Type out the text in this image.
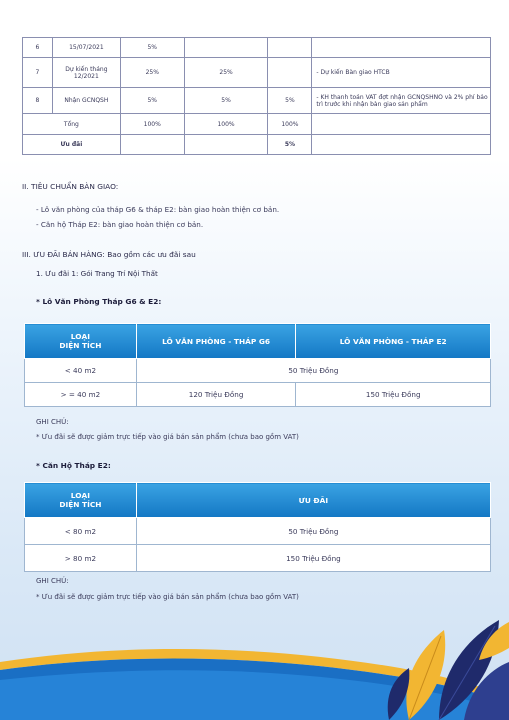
6	15/07/2021	5%			
7	Dự kiến tháng 12/2021	25%	25%		- Dự kiến Bàn giao HTCB
8	Nhận GCNQSH	5%	5%	5%	- KH thanh toán VAT đợt nhận GCNQSHNO và 2% phí bảo trì trước khi nhận bàn giao sản phẩm
Tổng		100%	100%	100%	
Ưu đãi				5%	
II. TIÊU CHUẨN BÀN GIAO:
- Lô văn phòng của tháp G6 & tháp E2: bàn giao hoàn thiện cơ bản.
- Căn hộ Tháp E2: bàn giao hoàn thiện cơ bản.
III. ƯU ĐÃI BÁN HÀNG: Bao gồm các ưu đãi sau
1. Ưu đãi 1: Gói Trang Trí Nội Thất
* Lô Văn Phòng Tháp G6 & E2:
LOẠI
DIỆN TÍCH	LÔ VĂN PHÒNG - THÁP G6	LÔ VĂN PHÒNG - THÁP E2
< 40 m2	50 Triệu Đồng	
> = 40 m2	120 Triệu Đồng	150 Triệu Đồng
GHI CHÚ:
* Ưu đãi sẽ được giảm trực tiếp vào giá bán sản phẩm (chưa bao gồm VAT)
* Căn Hộ Tháp E2:
LOẠI
DIỆN TÍCH	ƯU ĐÃI
< 80 m2	50 Triệu Đồng
> 80 m2	150 Triệu Đồng
GHI CHÚ:
* Ưu đãi sẽ được giảm trực tiếp vào giá bán sản phẩm (chưa bao gồm VAT)
